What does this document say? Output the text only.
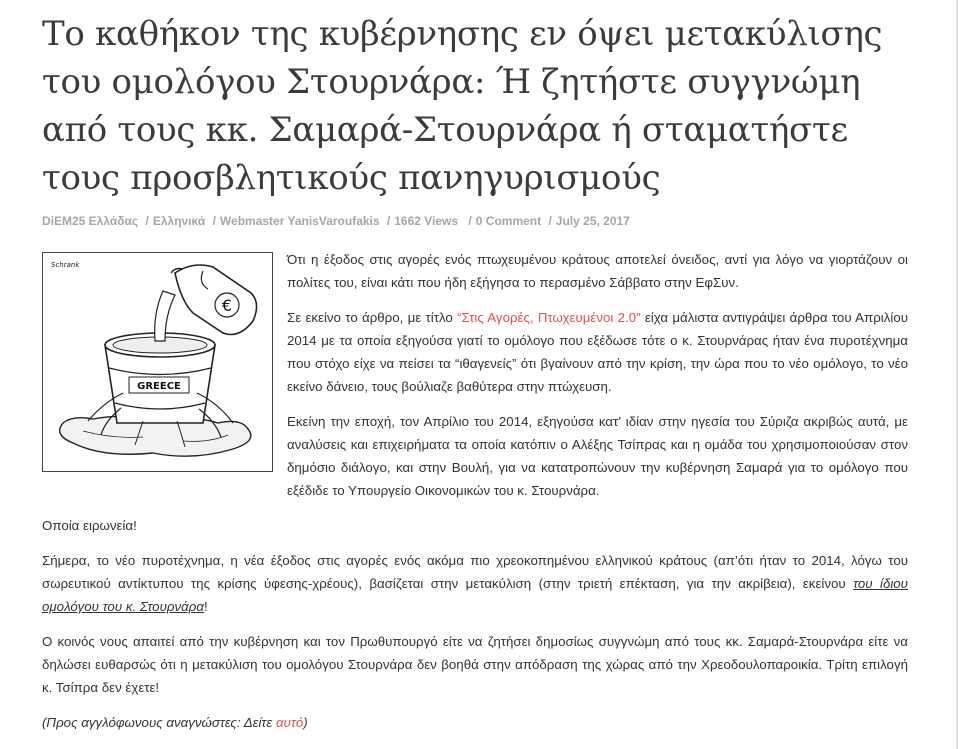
Το καθήκον της κυβέρνησης εν όψει μετακύλισης του ομολόγου Στουρνάρα: Ή ζητήστε συγγνώμη από τους κκ. Σαμαρά-Στουρνάρα ή σταματήστε τους προσβλητικούς πανηγυρισμούς
DiEM25 Ελλάδας / Ελληνικά / Webmaster YanisVaroufakis / 1662 Views / 0 Comment / July 25, 2017
Schrank
GREECE
€

Ότι η έξοδος στις αγορές ενός πτωχευμένου κράτους αποτελεί όνειδος, αντί για λόγο να γιορτάζουν οι πολίτες του, είναι κάτι που ήδη εξήγησα το περασμένο Σάββατο στην ΕφΣυν.

Σε εκείνο το άρθρο, με τίτλο “Στις Αγορές, Πτωχευμένοι 2.0” είχα μάλιστα αντιγράψει άρθρα του Απριλίου 2014 με τα οποία εξηγούσα γιατί το ομόλογο που εξέδωσε τότε ο κ. Στουρνάρας ήταν ένα πυροτέχνημα που στόχο είχε να πείσει τα “ιθαγενείς” ότι βγαίνουν από την κρίση, την ώρα που το νέο ομόλογο, το νέο εκείνο δάνειο, τους βούλιαζε βαθύτερα στην πτώχευση.

Εκείνη την εποχή, τον Απρίλιο του 2014, εξηγούσα κατ’ ιδίαν στην ηγεσία του Σύριζα ακριβώς αυτά, με αναλύσεις και επιχειρήματα τα οποία κατόπιν ο Αλέξης Τσίπρας και η ομάδα του χρησιμοποιούσαν στον δημόσιο διάλογο, και στην Βουλή, για να κατατροπώνουν την κυβέρνηση Σαμαρά για το ομόλογο που εξέδιδε το Υπουργείο Οικονομικών του κ. Στουρνάρα.

Οποία ειρωνεία!

Σήμερα, το νέο πυροτέχνημα, η νέα έξοδος στις αγορές ενός ακόμα πιο χρεοκοπημένου ελληνικού κράτους (απ’ότι ήταν το 2014, λόγω του σωρευτικού αντίκτυπου της κρίσης ύφεσης-χρέους), βασίζεται στην μετακύλιση (στην τριετή επέκταση, για την ακρίβεια), εκείνου του ίδιου ομολόγου του κ. Στουρνάρα!

Ο κοινός νους απαιτεί από την κυβέρνηση και τον Πρωθυπουργό είτε να ζητήσει δημοσίως συγγνώμη από τους κκ. Σαμαρά-Στουρνάρα είτε να δηλώσει ευθαρσώς ότι η μετακύλιση του ομολόγου Στουρνάρα δεν βοηθά στην απόδραση της χώρας από την Χρεοδουλοπαροικία. Τρίτη επιλογή κ. Τσίπρα δεν έχετε!

(Προς αγγλόφωνους αναγνώστες: Δείτε αυτό)
